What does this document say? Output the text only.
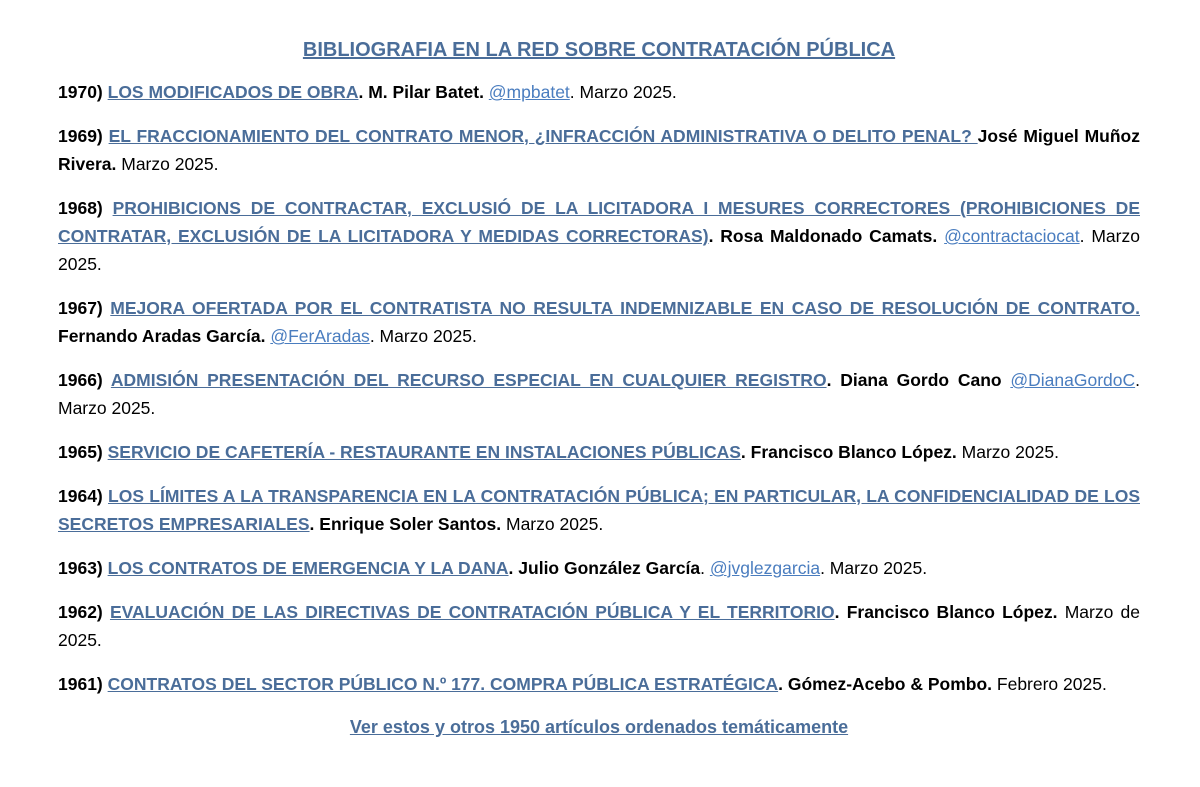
BIBLIOGRAFIA EN LA RED SOBRE CONTRATACIÓN PÚBLICA

1970) LOS MODIFICADOS DE OBRA. M. Pilar Batet. @mpbatet. Marzo 2025.

1969) EL FRACCIONAMIENTO DEL CONTRATO MENOR, ¿INFRACCIÓN ADMINISTRATIVA O DELITO PENAL? José Miguel Muñoz Rivera. Marzo 2025.

1968) PROHIBICIONS DE CONTRACTAR, EXCLUSIÓ DE LA LICITADORA I MESURES CORRECTORES (PROHIBICIONES DE CONTRATAR, EXCLUSIÓN DE LA LICITADORA Y MEDIDAS CORRECTORAS). Rosa Maldonado Camats. @contractaciocat. Marzo 2025.

1967) MEJORA OFERTADA POR EL CONTRATISTA NO RESULTA INDEMNIZABLE EN CASO DE RESOLUCIÓN DE CONTRATO. Fernando Aradas García. @FerAradas. Marzo 2025.

1966) ADMISIÓN PRESENTACIÓN DEL RECURSO ESPECIAL EN CUALQUIER REGISTRO. Diana Gordo Cano @DianaGordoC. Marzo 2025.

1965) SERVICIO DE CAFETERÍA - RESTAURANTE EN INSTALACIONES PÚBLICAS. Francisco Blanco López. Marzo 2025.

1964) LOS LÍMITES A LA TRANSPARENCIA EN LA CONTRATACIÓN PÚBLICA; EN PARTICULAR, LA CONFIDENCIALIDAD DE LOS SECRETOS EMPRESARIALES. Enrique Soler Santos. Marzo 2025.

1963) LOS CONTRATOS DE EMERGENCIA Y LA DANA. Julio González García. @jvglezgarcia. Marzo 2025.

1962) EVALUACIÓN DE LAS DIRECTIVAS DE CONTRATACIÓN PÚBLICA Y EL TERRITORIO. Francisco Blanco López. Marzo de 2025.

1961) CONTRATOS DEL SECTOR PÚBLICO N.º 177. COMPRA PÚBLICA ESTRATÉGICA. Gómez-Acebo & Pombo. Febrero 2025.

Ver estos y otros 1950 artículos ordenados temáticamente
